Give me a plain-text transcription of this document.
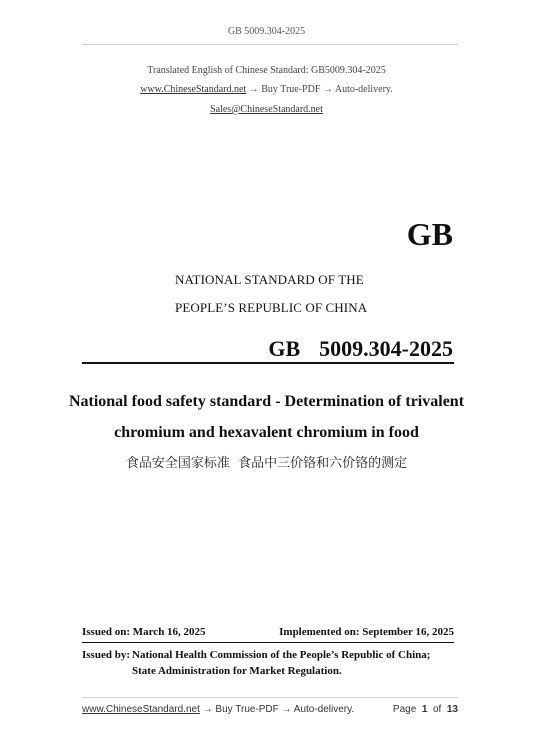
GB 5009.304-2025
Translated English of Chinese Standard: GB5009.304-2025
www.ChineseStandard.net → Buy True-PDF → Auto-delivery.
Sales@ChineseStandard.net
GB
NATIONAL STANDARD OF THE
PEOPLE’S REPUBLIC OF CHINA
GB  5009.304-2025
National food safety standard - Determination of trivalent
chromium and hexavalent chromium in food
食品安全国家标准  食品中三价铬和六价铬的测定
Issued on: March 16, 2025	Implemented on: September 16, 2025
Issued by: National Health Commission of the People’s Republic of China;
State Administration for Market Regulation.
www.ChineseStandard.net → Buy True-PDF → Auto-delivery.	Page 1 of 13
